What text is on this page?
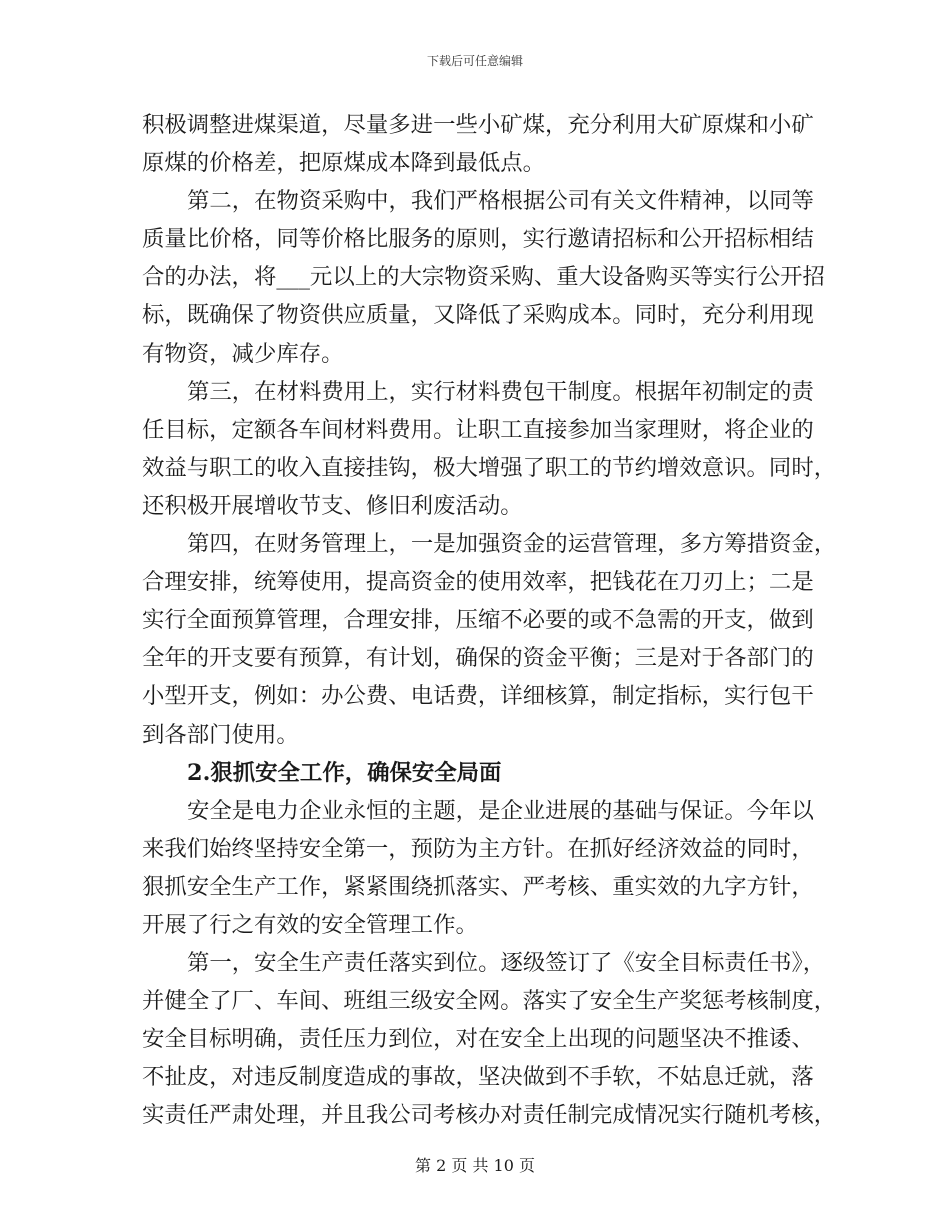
下载后可任意编辑
积极调整进煤渠道，尽量多进一些小矿煤，充分利用大矿原煤和小矿
原煤的价格差，把原煤成本降到最低点。
第二，在物资采购中，我们严格根据公司有关文件精神，以同等
质量比价格，同等价格比服务的原则，实行邀请招标和公开招标相结
合的办法，将___元以上的大宗物资采购、重大设备购买等实行公开招
标，既确保了物资供应质量，又降低了采购成本。同时，充分利用现
有物资，减少库存。
第三，在材料费用上，实行材料费包干制度。根据年初制定的责
任目标，定额各车间材料费用。让职工直接参加当家理财，将企业的
效益与职工的收入直接挂钩，极大增强了职工的节约增效意识。同时，
还积极开展增收节支、修旧利废活动。
第四，在财务管理上，一是加强资金的运营管理，多方筹措资金，
合理安排，统筹使用，提高资金的使用效率，把钱花在刀刃上；二是
实行全面预算管理，合理安排，压缩不必要的或不急需的开支，做到
全年的开支要有预算，有计划，确保的资金平衡；三是对于各部门的
小型开支，例如：办公费、电话费，详细核算，制定指标，实行包干
到各部门使用。
2.狠抓安全工作，确保安全局面
安全是电力企业永恒的主题，是企业进展的基础与保证。今年以
来我们始终坚持安全第一，预防为主方针。在抓好经济效益的同时，
狠抓安全生产工作，紧紧围绕抓落实、严考核、重实效的九字方针，
开展了行之有效的安全管理工作。
第一，安全生产责任落实到位。逐级签订了《安全目标责任书》，
并健全了厂、车间、班组三级安全网。落实了安全生产奖惩考核制度，
安全目标明确，责任压力到位，对在安全上出现的问题坚决不推诿、
不扯皮，对违反制度造成的事故，坚决做到不手软，不姑息迁就，落
实责任严肃处理，并且我公司考核办对责任制完成情况实行随机考核，
第 2 页 共 10 页
